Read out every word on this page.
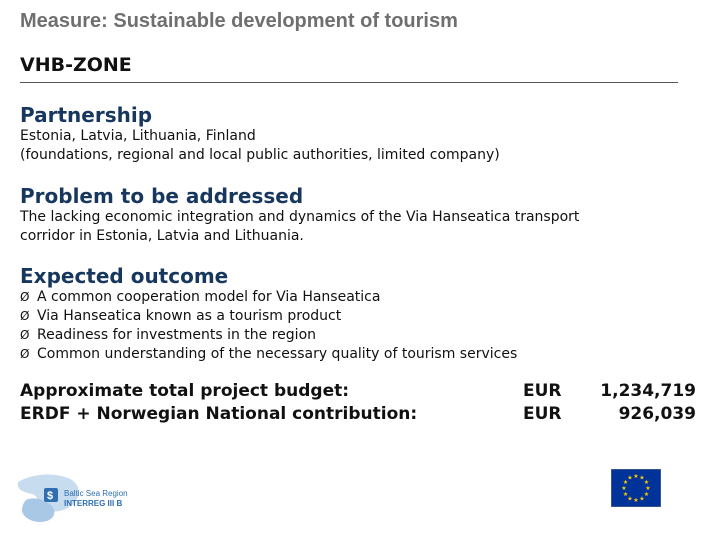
Measure: Sustainable development of tourism
VHB-ZONE
Partnership
Estonia, Latvia, Lithuania, Finland
(foundations, regional and local public authorities, limited company)
Problem to be addressed
The lacking economic integration and dynamics of the Via Hanseatica transport
corridor in Estonia, Latvia and Lithuania.
Expected outcome
Ø A common cooperation model for Via Hanseatica
Ø Via Hanseatica known as a tourism product
Ø Readiness for investments in the region
Ø Common understanding of the necessary quality of tourism services
Approximate total project budget:	EUR 1,234,719
ERDF + Norwegian National contribution:	EUR	926,039
$ Baltic Sea Region
INTERREG III B
★ ★
★
★
★
★
★
★
★
★
★
★
